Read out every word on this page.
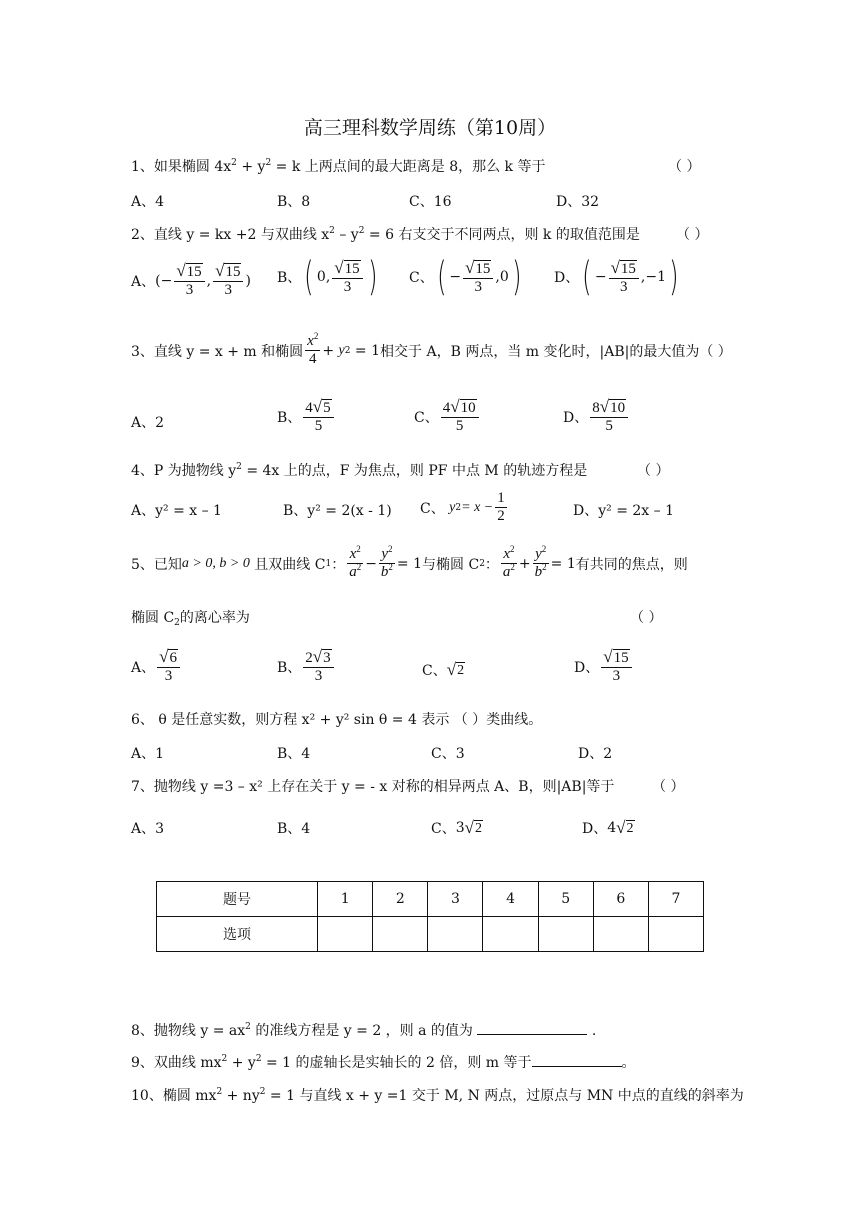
高三理科数学周练（第10周）
1、如果椭圆 $4x^2 + y^2 = k$ 上两点间的最大距离是 8，那么 k 等于	（ ）
A、4	B、8	C、16	D、32
2、直线 y = kx +2 与双曲线 $x^2 - y^2 = 6$ 右支交于不同两点，则 k 的取值范围是	（ ）
A、 ( − $\frac{√ 15}{3}$ , $\frac{√ 15}{3}$ ) B、 ( 0 , $\frac{√ 15}{3}$ ) C、 ( − $\frac{√ 15}{3}$ , 0 ) D、 ( − $\frac{√ 15}{3}$ , −1 )
3、直线 y = x + m 和椭圆 $\frac{x^2}{4}$ +
y 2
= 1 相交于 A，B 两点，当 m 变化时，|AB|的最大值为（ ）
A、2	B、 $\frac{4 √ 5}{5}$	C、 $\frac{4 √ 10}{5}$	D、 $\frac{8 √ 10}{5}$
4、P 为抛物线 $y^2 = 4x$ 上的点，F 为焦点，则 PF 中点 M 的轨迹方程是	（ ）
A、y² = x – 1	B、y² = 2(x - 1) C、
y $2 = x - \frac{1}{2}$	D、y² = 2x – 1
5、已知 a > 0, b > 0
且双曲线 C 1 ： $\frac{x^2}{a^2} - \frac{y^2}{b^2} = 1$ 与椭圆 C 2 ： $\frac{x^2}{a^2} + \frac{y^2}{b^2} = 1$ 有共同的焦点，则
椭圆 $C_2$的离心率为	（ ）
A、 $\frac{√ 6}{3}$	B、 $\frac{2 √ 3}{3}$	C、 √ 2	D、 $\frac{√ 15}{3}$
6、 θ 是任意实数，则方程 x² + y² sin θ = 4 表示 （ ）类曲线。
A、1	B、4	C、3	D、2
7、抛物线 y =3 – x² 上存在关于 y = - x 对称的相异两点 A、B，则|AB|等于	（ ）
A、3	B、4	C、 3 √ 2	D、 4 √ 2
题号	1	2	3	4	5	6	7
选项							
8、抛物线 $y = ax^2$ 的准线方程是 y = 2 ，则 a 的值为	.
9、双曲线 $mx^2 + y^2 = 1$ 的虚轴长是实轴长的 2 倍，则 m 等于	。
10、椭圆 $mx^2 + ny^2 = 1$ 与直线 x + y =1 交于 M, N 两点，过原点与 MN 中点的直线的斜率为
